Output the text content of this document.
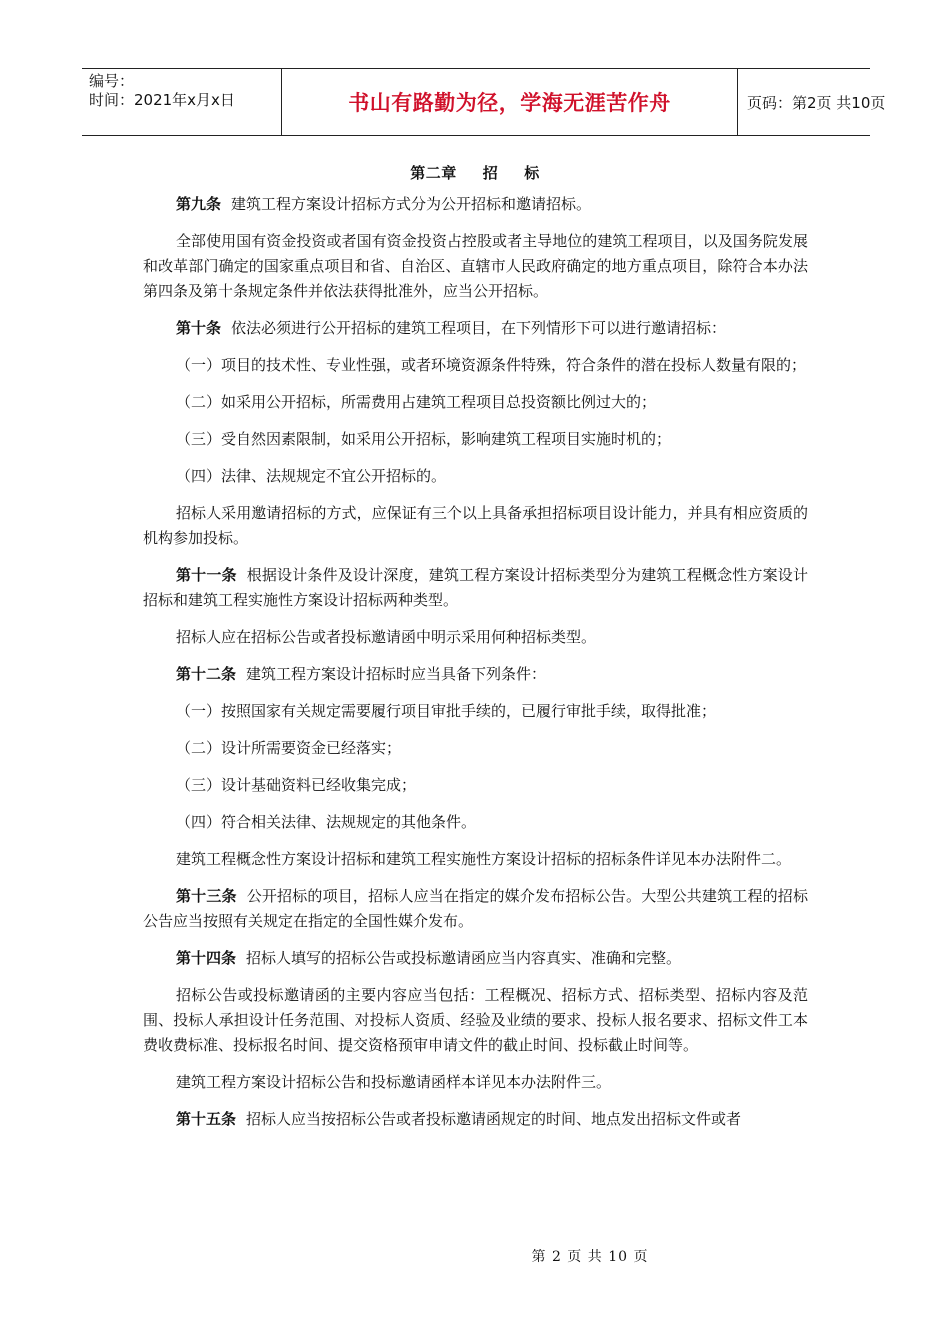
编号：
时间：2021年x月x日	书山有路勤为径，学海无涯苦作舟	页码：第2页 共10页
第二章 招 标

第九条 建筑工程方案设计招标方式分为公开招标和邀请招标。

全部使用国有资金投资或者国有资金投资占控股或者主导地位的建筑工程项目，以及国务院发展和改革部门确定的国家重点项目和省、自治区、直辖市人民政府确定的地方重点项目，除符合本办法第四条及第十条规定条件并依法获得批准外，应当公开招标。

第十条 依法必须进行公开招标的建筑工程项目，在下列情形下可以进行邀请招标：

（一）项目的技术性、专业性强，或者环境资源条件特殊，符合条件的潜在投标人数量有限的；

（二）如采用公开招标，所需费用占建筑工程项目总投资额比例过大的；

（三）受自然因素限制，如采用公开招标，影响建筑工程项目实施时机的；

（四）法律、法规规定不宜公开招标的。

招标人采用邀请招标的方式，应保证有三个以上具备承担招标项目设计能力，并具有相应资质的机构参加投标。

第十一条 根据设计条件及设计深度，建筑工程方案设计招标类型分为建筑工程概念性方案设计招标和建筑工程实施性方案设计招标两种类型。

招标人应在招标公告或者投标邀请函中明示采用何种招标类型。

第十二条 建筑工程方案设计招标时应当具备下列条件：

（一）按照国家有关规定需要履行项目审批手续的，已履行审批手续，取得批准；

（二）设计所需要资金已经落实；

（三）设计基础资料已经收集完成；

（四）符合相关法律、法规规定的其他条件。

建筑工程概念性方案设计招标和建筑工程实施性方案设计招标的招标条件详见本办法附件二。

第十三条 公开招标的项目，招标人应当在指定的媒介发布招标公告。大型公共建筑工程的招标公告应当按照有关规定在指定的全国性媒介发布。

第十四条 招标人填写的招标公告或投标邀请函应当内容真实、准确和完整。

招标公告或投标邀请函的主要内容应当包括：工程概况、招标方式、招标类型、招标内容及范围、投标人承担设计任务范围、对投标人资质、经验及业绩的要求、投标人报名要求、招标文件工本费收费标准、投标报名时间、提交资格预审申请文件的截止时间、投标截止时间等。

建筑工程方案设计招标公告和投标邀请函样本详见本办法附件三。

第十五条 招标人应当按招标公告或者投标邀请函规定的时间、地点发出招标文件或者

第 2 页 共 10 页
